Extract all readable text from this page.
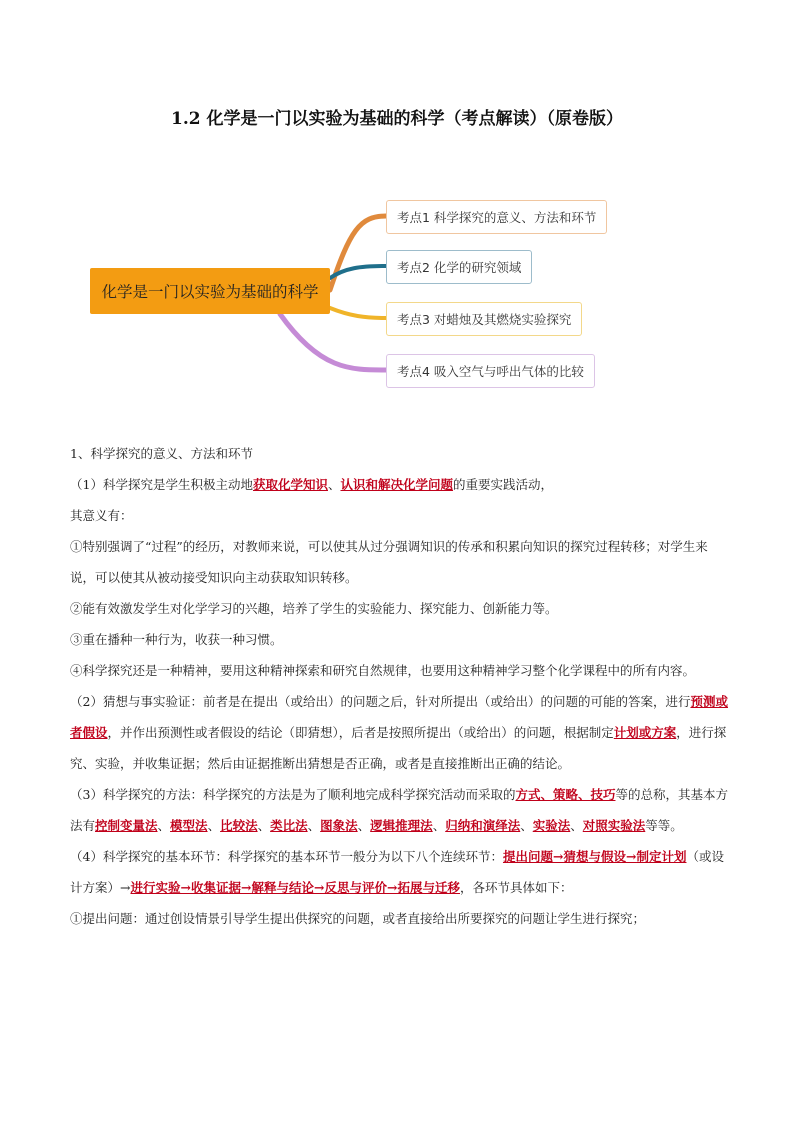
1.2 化学是一门以实验为基础的科学（考点解读）（原卷版）
化学是一门以实验为基础的科学
考点1 科学探究的意义、方法和环节
考点2 化学的研究领域
考点3 对蜡烛及其燃烧实验探究
考点4 吸入空气与呼出气体的比较

1、科学探究的意义、方法和环节

（1）科学探究是学生积极主动地获取化学知识、认识和解决化学问题的重要实践活动，

其意义有：

①特别强调了“过程”的经历，对教师来说，可以使其从过分强调知识的传承和积累向知识的探究过程转移；对学生来说，可以使其从被动接受知识向主动获取知识转移。

②能有效激发学生对化学学习的兴趣，培养了学生的实验能力、探究能力、创新能力等。

③重在播种一种行为，收获一种习惯。

④科学探究还是一种精神，要用这种精神探索和研究自然规律，也要用这种精神学习整个化学课程中的所有内容。

（2）猜想与事实验证：前者是在提出（或给出）的问题之后，针对所提出（或给出）的问题的可能的答案，进行预测或者假设，并作出预测性或者假设的结论（即猜想），后者是按照所提出（或给出）的问题，根据制定计划或方案，进行探究、实验，并收集证据；然后由证据推断出猜想是否正确，或者是直接推断出正确的结论。

（3）科学探究的方法：科学探究的方法是为了顺利地完成科学探究活动而采取的方式、策略、技巧等的总称，其基本方法有控制变量法、模型法、比较法、类比法、图象法、逻辑推理法、归纳和演绎法、实验法、对照实验法等等。

（4）科学探究的基本环节：科学探究的基本环节一般分为以下八个连续环节：提出问题→猜想与假设→制定计划（或设计方案）→进行实验→收集证据→解释与结论→反思与评价→拓展与迁移，各环节具体如下：

①提出问题：通过创设情景引导学生提出供探究的问题，或者直接给出所要探究的问题让学生进行探究；
